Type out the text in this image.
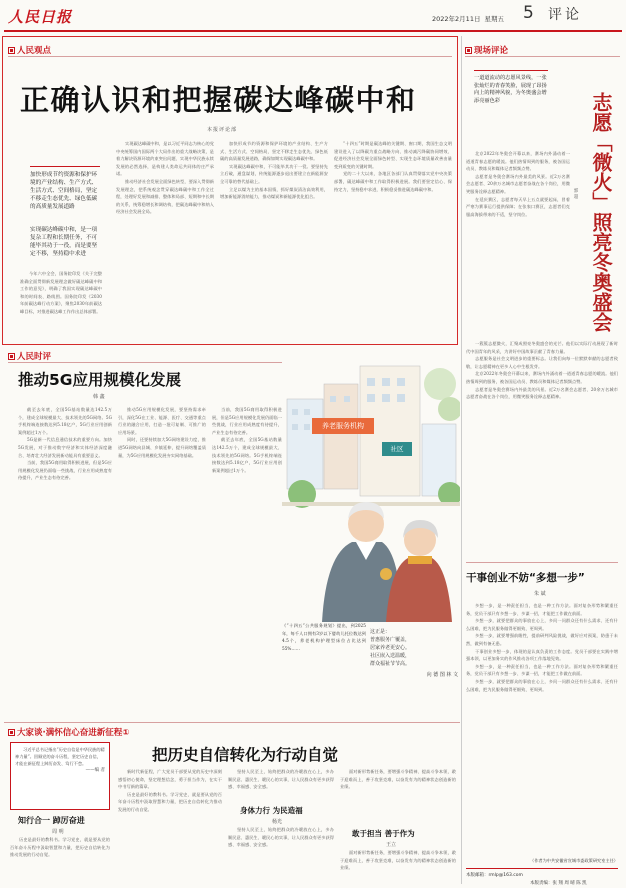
人民日报	2022年2月11日 星期五 5 评论
人民观点
正确认识和把握碳达峰碳中和
本报评论部
加快形成节约资源和保护环境的产业结构、生产方式、生活方式、空间格局，坚定不移走生态优先、绿色低碳的高质量发展道路
实现碳达峰碳中和，是一项复杂工程和长期任务，不可能毕其功于一役，而是要坚定不移，坚持稳中求进

今年六中全会，国务院印发《关于完整准确全面贯彻新发展理念做好碳达峰碳中和工作的意见》，明确了我国实现碳达峰碳中和的时间表、路线图。国务院印发《2030年前碳达峰行动方案》，聚焦2030年前碳达峰目标，对推进碳达峰工作作出总体部署。

实现碳达峰碳中和，是以习近平同志为核心的党中央统筹国内国际两个大局作出的重大战略决策，是着力解决资源环境约束突出问题、实现中华民族永续发展的必然选择，是构建人类命运共同体的庄严承诺。

推动经济社会发展全面绿色转型，要深入贯彻新发展理念，把系统观念贯穿碳达峰碳中和工作全过程，处理好发展和减排、整体和局部、短期和中长期的关系，统筹稳增长和调结构，把碳达峰碳中和纳入经济社会发展全局。

加快形成节约资源和保护环境的产业结构、生产方式、生活方式、空间格局，坚定不移走生态优先、绿色低碳的高质量发展道路，确保如期实现碳达峰碳中和。

实现碳达峰碳中和，不可能毕其功于一役。要坚持先立后破，通盘谋划，传统能源逐步退出要建立在新能源安全可靠的替代基础上。

立足以煤为主的基本国情，抓好煤炭清洁高效利用，增加新能源消纳能力，推动煤炭和新能源优化组合。

“十四五”时期是碳达峰的关键期、窗口期，我国生态文明建设进入了以降碳为重点战略方向、推动减污降碳协同增效、促进经济社会发展全面绿色转型、实现生态环境质量改善由量变到质变的关键时期。

党的二十大以来，各地区各部门认真贯彻落实党中央决策部署，碳达峰碳中和工作取得积极进展。我们要坚定信心、保持定力，坚持稳中求进，积极稳妥推进碳达峰碳中和。

现场评论
一道道流动的志愿风景线，一张张灿烂的青春笑脸，展现了昂扬向上的精神风貌，为冬奥盛会增添亮丽色彩	志愿「微火」照亮冬奥盛会
郭 超

北京2022年冬奥会开幕以来，赛场内外涌动着一道道青春志愿的暖流。他们热情周到的服务，被各国运动员、教练员和媒体记者频频点赞。

志愿者是冬奥会赛场内外最美的风景。近2万名赛会志愿者、20余万名城市志愿者奋战在各个岗位，用微笑服务诠释志愿精神。

在延庆赛区，志愿者每天早上五点就要起床，冒着严寒为赛事运行提供保障；在张家口赛区，志愿者们克服高海拔带来的不适，坚守岗位。

一簇簇志愿微火，汇聚成照亮冬奥盛会的光芒。他们以实际行动展现了新时代中国青年的风采，为讲好中国故事贡献了青春力量。

志愿服务是社会文明进步的重要标志。让我们向每一位默默奉献的志愿者致敬，让志愿精神在更多人心中生根发芽。

北京2022年冬奥会开幕以来，赛场内外涌动着一道道青春志愿的暖流。他们热情周到的服务，被各国运动员、教练员和媒体记者频频点赞。

志愿者是冬奥会赛场内外最美的风景。近2万名赛会志愿者、20余万名城市志愿者奋战在各个岗位，用微笑服务诠释志愿精神。

人民时评
推动5G应用规模化发展
韩 鑫

截至去年底，全国5G基站数量达142.5万个，建成全球规模最大、技术领先的5G网络。5G手机终端连接数达到5.18亿户，5G行业应用创新案例超过1万个。

5G是新一代信息通信技术的重要方向。加快5G发展，对于推动数字经济和实体经济深度融合、培育壮大经济发展新动能具有重要意义。

当前，我国5G商用取得积极进展，但是5G应用规模化发展仍面临一些挑战，行业应用成熟度有待提升，产业生态有待完善。

推动5G应用规模化发展，要坚持需求牵引，深化5G在工业、能源、医疗、交通等重点行业的融合应用，打造一批可复制、可推广的应用场景。

同时，还要持续加大5G网络建设力度，推进5G网络向县城、乡镇延伸，提升网络覆盖质量，为5G应用规模化发展夯实网络基础。

当前，我国5G商用取得积极进展，但是5G应用规模化发展仍面临一些挑战，行业应用成熟度有待提升，产业生态有待完善。

截至去年底，全国5G基站数量达142.5万个，建成全球规模最大、技术领先的5G网络。5G手机终端连接数达到5.18亿户，5G行业应用创新案例超过1万个。

养老服务机构
社区
《“十四五”公共服务规划》提出，到2025年，每千人口拥有3岁以下婴幼儿托位数达到4.5个，养老机构护理型床位占比达到55%……
这正是：
普惠服务广覆盖，
居家养老更安心。
社区嵌入送温暖，
群众福祉节节高。
向 德 图 林 文
干事创业不妨“多想一步”
朱 斌

多想一步，是一种责任担当，也是一种工作方法。面对复杂形势和繁重任务，党员干部只有多想一步、多谋一招，才能把工作做在前面。

多想一步，就要把群众的事放在心上，多问一问群众还有什么需求、还有什么困难，把为民服务做得更细致、更周到。

多想一步，就要增强前瞻性，提前研判风险挑战，做好应对预案，防患于未然，做到有备无患。

干事创业多想一步，体现的是认真负责的工作态度。党员干部要在实践中增强本领，以更加务实的作风推动各项工作落地见效。

多想一步，是一种责任担当，也是一种工作方法。面对复杂形势和繁重任务，党员干部只有多想一步、多谋一招，才能把工作做在前面。

多想一步，就要把群众的事放在心上，多问一问群众还有什么需求、还有什么困难，把为民服务做得更细致、更周到。

（作者为中共安徽省宣城市委政策研究室主任）
大家谈·满怀信心奋进新征程①
把历史自信转化为行动自觉
习近平总书记指出“历史自信是中华民族的精神力量”。回顾党的奋斗历程，坚定历史自信，才能在新征程上踔厉奋发、笃行不怠。
——编 者
知行合一 踔厉奋进
周 明

历史是最好的教科书。学习党史，就是要从党的百年奋斗历程中汲取智慧和力量，把历史自信转化为推动发展的行动自觉。

新时代新征程，广大党员干部要从党的历史中深刻感悟初心使命，坚定理想信念，勇于担当作为，在实干中书写新的篇章。

历史是最好的教科书。学习党史，就是要从党的百年奋斗历程中汲取智慧和力量，把历史自信转化为推动发展的行动自觉。

坚持人民至上，始终把群众的冷暖放在心上，多办顺民意、惠民生、暖民心的实事，让人民群众有更多获得感、幸福感、安全感。

身体力行 为民造福
杨光

坚持人民至上，始终把群众的冷暖放在心上，多办顺民意、惠民生、暖民心的实事，让人民群众有更多获得感、幸福感、安全感。

面对新形势新任务，要增强斗争精神、提高斗争本领，敢于迎难而上，善于攻坚克难，以奋发有为的精神状态创造新的业绩。

敢于担当 善于作为
王立

面对新形势新任务，要增强斗争精神、提高斗争本领，敢于迎难而上，善于攻坚克难，以奋发有为的精神状态创造新的业绩。

本版邮箱：rmlp@163.com
本版责编：张 翔 周 晴 陈 凯
